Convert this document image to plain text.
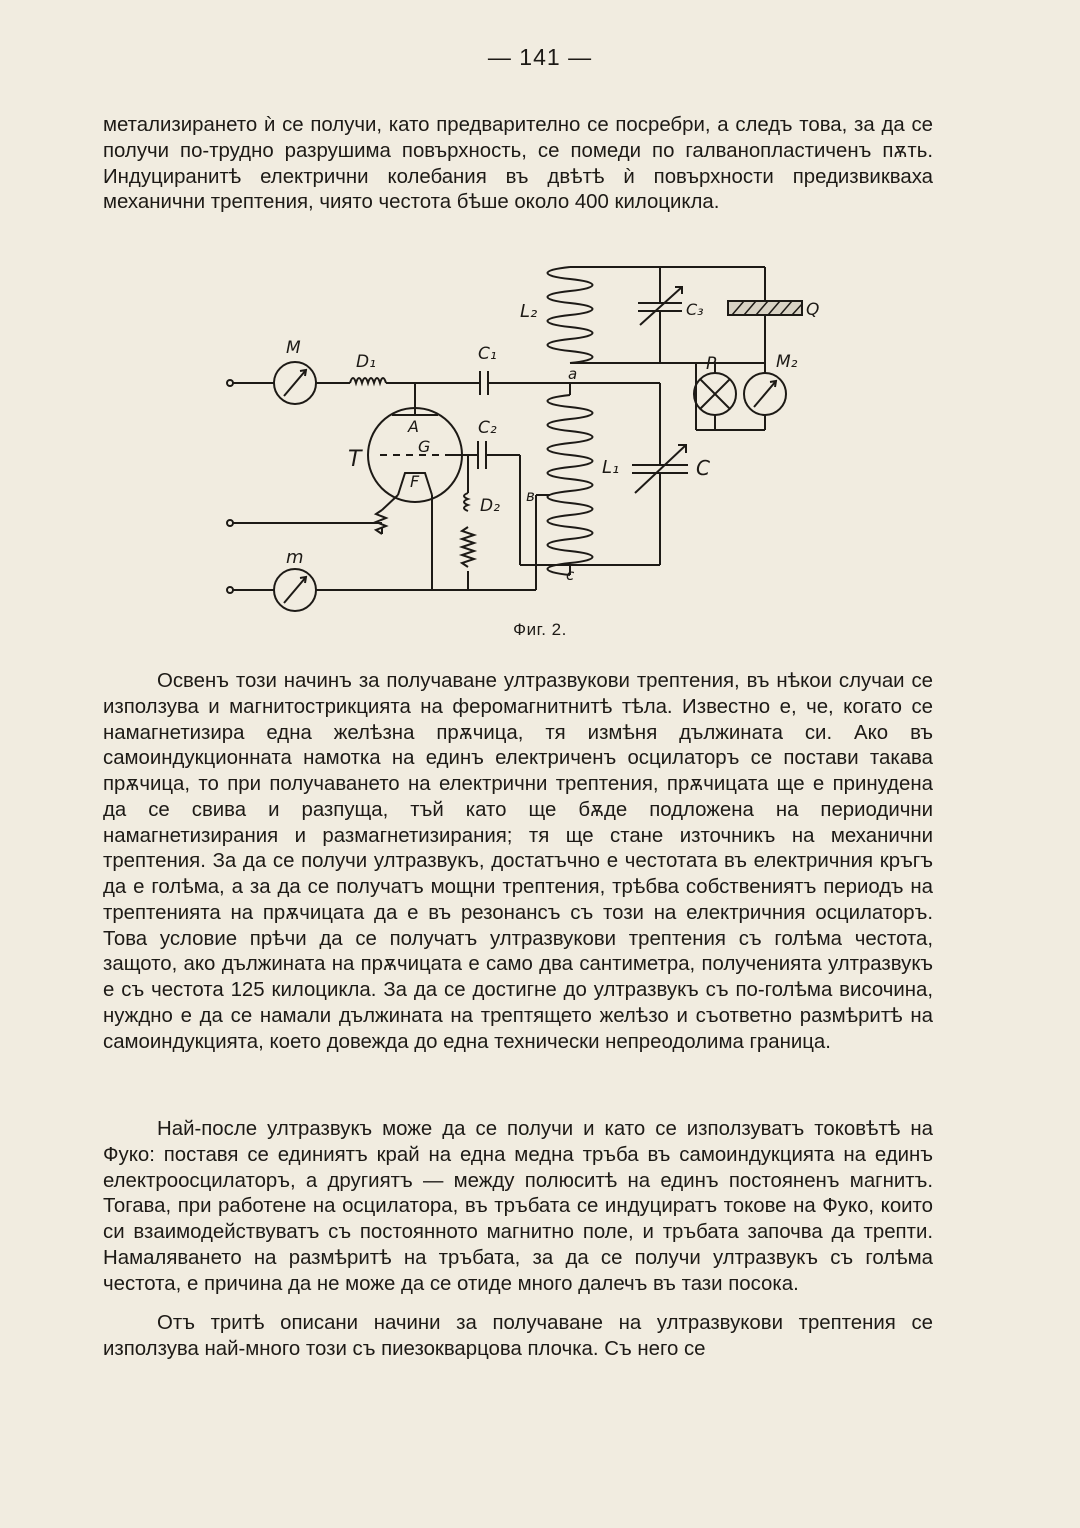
— 141 —

метализирането ѝ се получи, като предварително се посребри, а следъ това, за да се получи по-трудно разрушима повърхность, се помеди по галванопластиченъ пѫть. Индуциранитѣ електрични колебания въ двѣтѣ ѝ повърхности предизвикваха механични трептения, чиято честота бѣше около 400 килоцикла.

M
D₁	C₁
a
A
G
T
F
C₂
D₂ в
c
L₁	C
L₂	C₃	Q
P	M₂
m
Фиг. 2.

Освенъ този начинъ за получаване ултразвукови трептения, въ нѣкои случаи се използува и магнитострикцията на феромагнитнитѣ тѣла. Известно е, че, когато се намагнетизира една желѣзна прѫчица, тя измѣня дължината си. Ако въ самоиндукционната намотка на единъ електриченъ осцилаторъ се постави такава прѫчица, то при получаването на електрични трептения, прѫчицата ще е принудена да се свива и разпуща, тъй като ще бѫде подложена на периодични намагнетизирания и размагнетизирания; тя ще стане източникъ на механични трептения. За да се получи ултразвукъ, достатъчно е честотата въ електричния кръгъ да е голѣма, а за да се получатъ мощни трептения, трѣбва собствениятъ периодъ на трептенията на прѫчицата да е въ резонансъ съ този на електричния осцилаторъ. Това условие прѣчи да се получатъ ултразвукови трептения съ голѣма честота, защото, ако дължината на прѫчицата е само два сантиметра, полученията ултразвукъ е съ честота 125 килоцикла. За да се достигне до ултразвукъ съ по-голѣма височина, нуждно е да се намали дължината на трептящето желѣзо и съответно размѣритѣ на самоиндукцията, което довежда до една технически непреодолима граница.

Най-после ултразвукъ може да се получи и като се използуватъ токовѣтѣ на Фуко: поставя се единиятъ край на една медна тръба въ самоиндукцията на единъ електроосцилаторъ, а другиятъ — между полюситѣ на единъ постояненъ магнитъ. Тогава, при работене на осцилатора, въ тръбата се индуциратъ токове на Фуко, които си взаимодействуватъ съ постоянното магнитно поле, и тръбата започва да трепти. Намаляването на размѣритѣ на тръбата, за да се получи ултразвукъ съ голѣма честота, е причина да не може да се отиде много далечъ въ тази посока.

Отъ тритѣ описани начини за получаване на ултразвукови трептения се използува най-много този съ пиезокварцова плочка. Съ него се
